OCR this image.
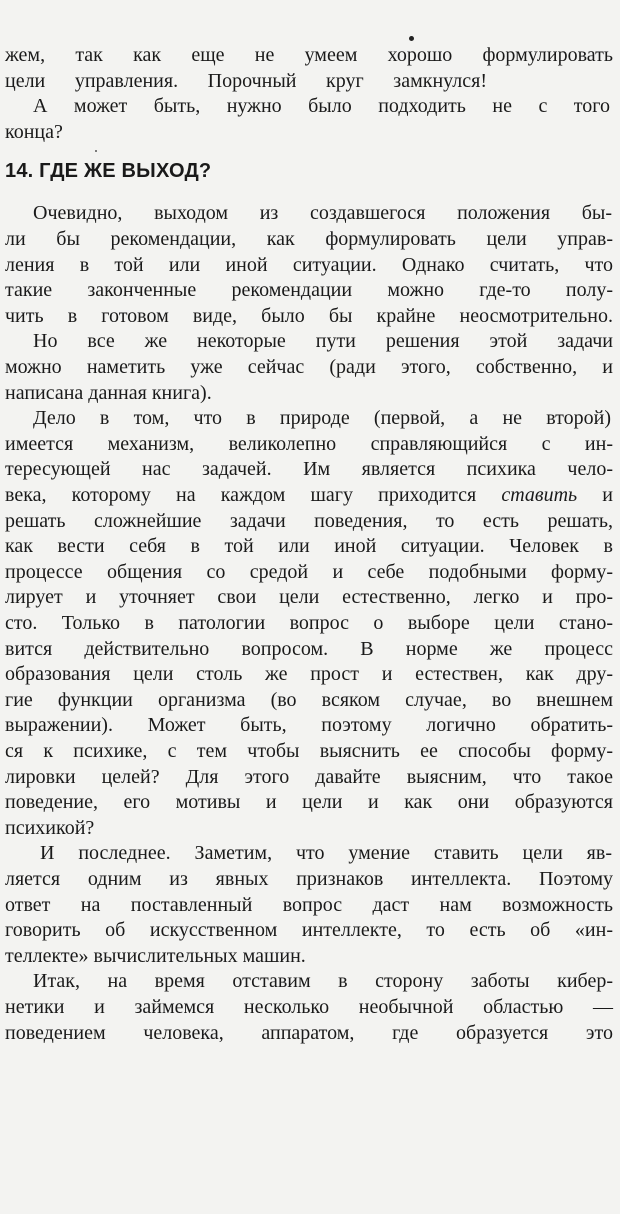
жем, так как еще не умеем хорошо формулировать
цели управления. Порочный круг замкнулся!
А может быть, нужно было подходить не с того
конца?
14. ГДЕ ЖЕ ВЫХОД?
Очевидно, выходом из создавшегося положения бы-
ли бы рекомендации, как формулировать цели управ-
ления в той или иной ситуации. Однако считать, что
такие законченные рекомендации можно где-то полу-
чить в готовом виде, было бы крайне неосмотрительно.
Но все же некоторые пути решения этой задачи
можно наметить уже сейчас (ради этого, собственно, и
написана данная книга).
Дело в том, что в природе (первой, а не второй)
имеется механизм, великолепно справляющийся с ин-
тересующей нас задачей. Им является психика чело-
века, которому на каждом шагу приходится ставить и
решать сложнейшие задачи поведения, то есть решать,
как вести себя в той или иной ситуации. Человек в
процессе общения со средой и себе подобными форму-
лирует и уточняет свои цели естественно, легко и про-
сто. Только в патологии вопрос о выборе цели стано-
вится действительно вопросом. В норме же процесс
образования цели столь же прост и естествен, как дру-
гие функции организма (во всяком случае, во внешнем
выражении). Может быть, поэтому логично обратить-
ся к психике, с тем чтобы выяснить ее способы форму-
лировки целей? Для этого давайте выясним, что такое
поведение, его мотивы и цели и как они образуются
психикой?
И последнее. Заметим, что умение ставить цели яв-
ляется одним из явных признаков интеллекта. Поэтому
ответ на поставленный вопрос даст нам возможность
говорить об искусственном интеллекте, то есть об «ин-
теллекте» вычислительных машин.
Итак, на время отставим в сторону заботы кибер-
нетики и займемся несколько необычной областью —
поведением человека, аппаратом, где образуется это
